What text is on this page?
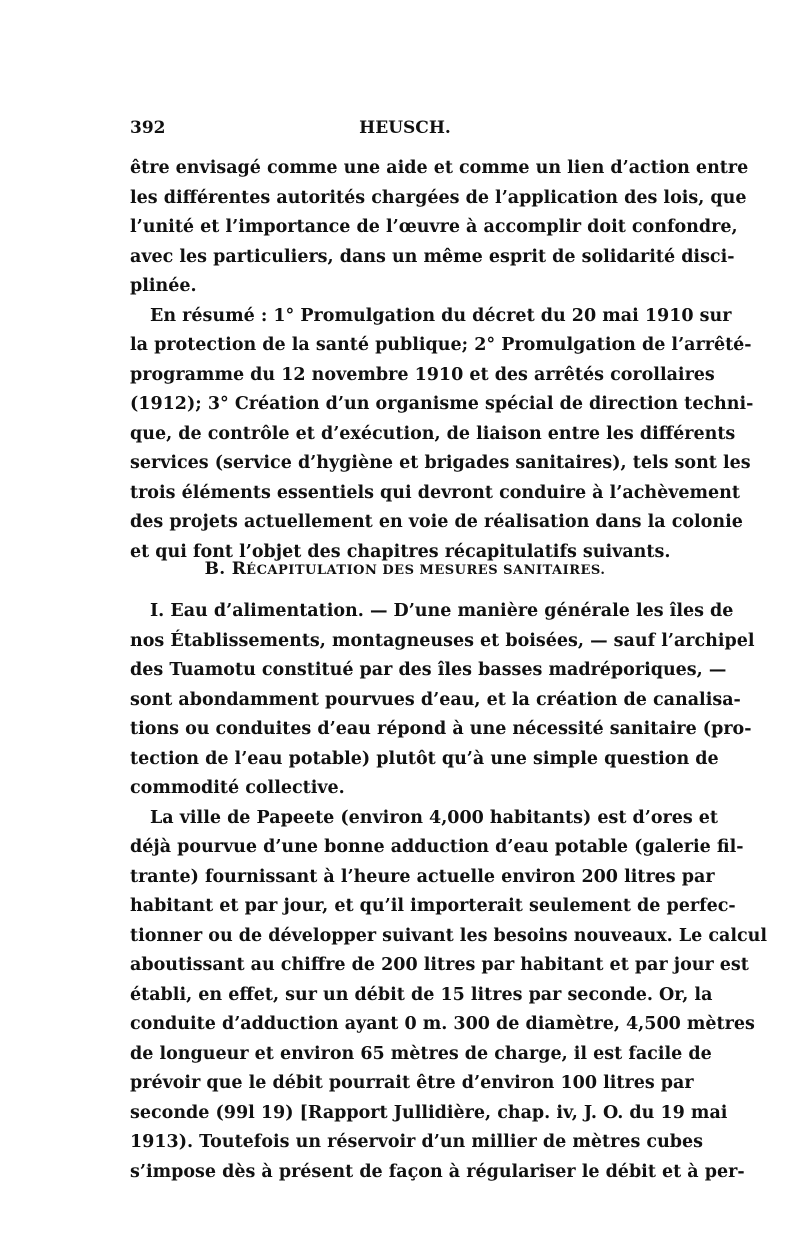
392	HEUSCH.
être envisagé comme une aide et comme un lien d’action entre
les différentes autorités chargées de l’application des lois, que
l’unité et l’importance de l’œuvre à accomplir doit confondre,
avec les particuliers, dans un même esprit de solidarité disci-
plinée.
En résumé : 1° Promulgation du décret du 20 mai 1910 sur
la protection de la santé publique; 2° Promulgation de l’arrêté-
programme du 12 novembre 1910 et des arrêtés corollaires
(1912); 3° Création d’un organisme spécial de direction techni-
que, de contrôle et d’exécution, de liaison entre les différents
services (service d’hygiène et brigades sanitaires), tels sont les
trois éléments essentiels qui devront conduire à l’achèvement
des projets actuellement en voie de réalisation dans la colonie
et qui font l’objet des chapitres récapitulatifs suivants.
B. RÉCAPITULATION DES MESURES SANITAIRES.
I. Eau d’alimentation. — D’une manière générale les îles de
nos Établissements, montagneuses et boisées, — sauf l’archipel
des Tuamotu constitué par des îles basses madréporiques, —
sont abondamment pourvues d’eau, et la création de canalisa-
tions ou conduites d’eau répond à une nécessité sanitaire (pro-
tection de l’eau potable) plutôt qu’à une simple question de
commodité collective.
La ville de Papeete (environ 4,000 habitants) est d’ores et
déjà pourvue d’une bonne adduction d’eau potable (galerie fil-
trante) fournissant à l’heure actuelle environ 200 litres par
habitant et par jour, et qu’il importerait seulement de perfec-
tionner ou de développer suivant les besoins nouveaux. Le calcul
aboutissant au chiffre de 200 litres par habitant et par jour est
établi, en effet, sur un débit de 15 litres par seconde. Or, la
conduite d’adduction ayant 0 m. 300 de diamètre, 4,500 mètres
de longueur et environ 65 mètres de charge, il est facile de
prévoir que le débit pourrait être d’environ 100 litres par
seconde (99l 19) [Rapport Jullidière, chap. iv, J. O. du 19 mai
1913). Toutefois un réservoir d’un millier de mètres cubes
s’impose dès à présent de façon à régulariser le débit et à per-
